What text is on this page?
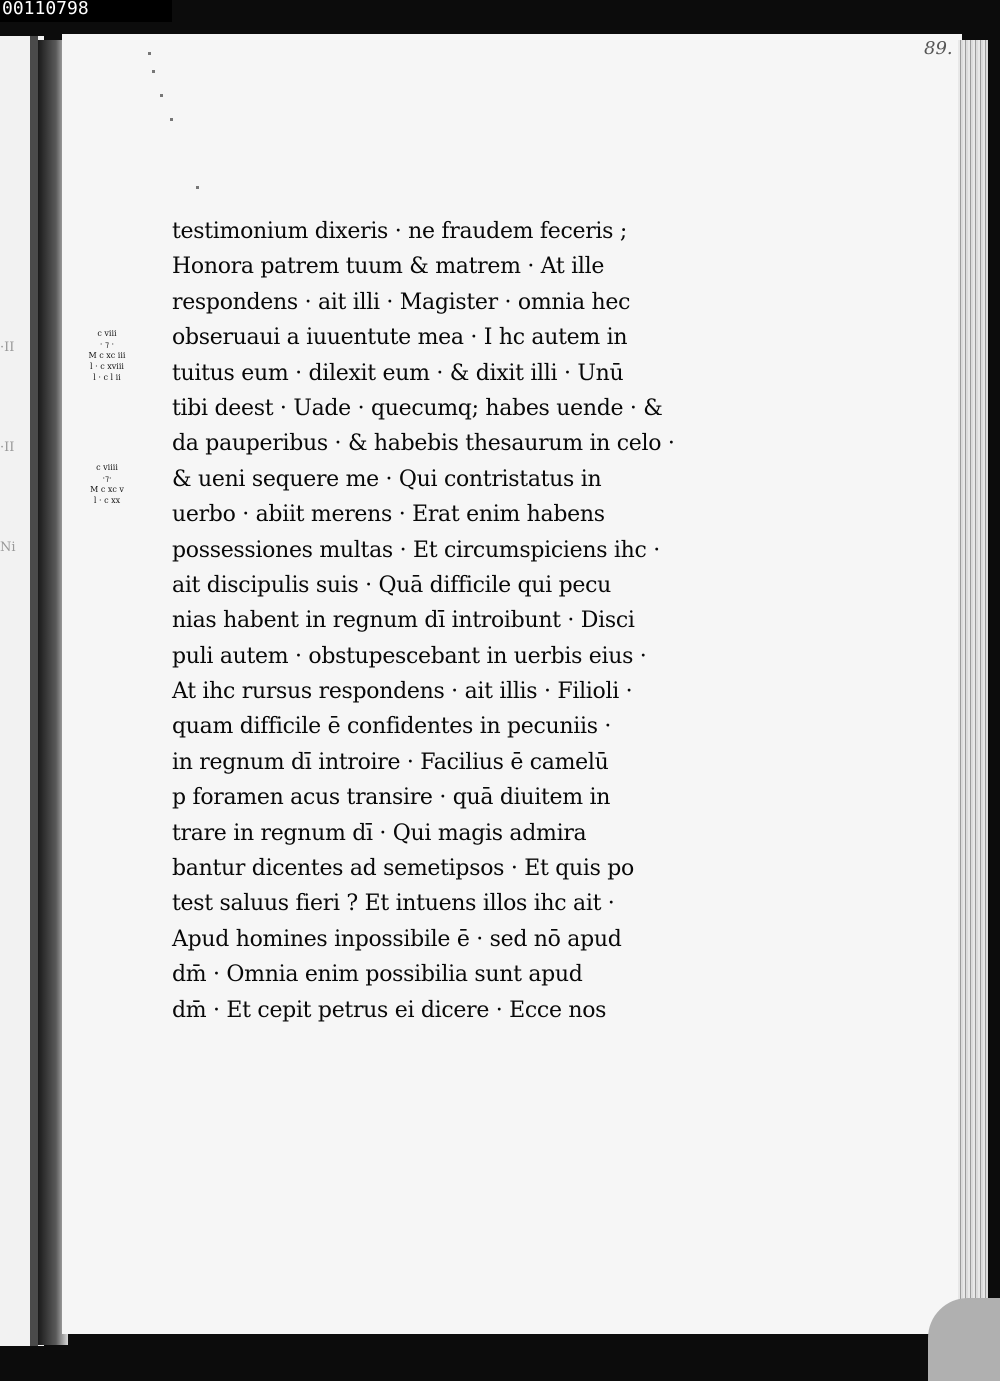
00110798
·II
·II
Ni
89.
c viii
· ⁊ ·
M c xc iii
l · c xviii
l · c l ii
c viiii
·⁊·
M c xc v
l · c xx
testimonium dixeris · ne fraudem feceris ;
Honora patrem tuum & matrem · At ille
respondens · ait illi · Magister · omnia hec
obseruaui a iuuentute mea · I hc autem in
tuitus eum · dilexit eum · & dixit illi · Unū
tibi deest · Uade · quecumq; habes uende · &
da pauperibus · & habebis thesaurum in celo ·
& ueni sequere me · Qui contristatus in
uerbo · abiit merens · Erat enim habens
possessiones multas · Et circumspiciens ihc ·
ait discipulis suis · Quā difficile qui pecu
nias habent in regnum dī introibunt · Disci
puli autem · obstupescebant in uerbis eius ·
At ihc rursus respondens · ait illis · Filioli ·
quam difficile ē confidentes in pecuniis ·
in regnum dī introire · Facilius ē camelū
p foramen acus transire · quā diuitem in
trare in regnum dī · Qui magis admira
bantur dicentes ad semetipsos · Et quis po
test saluus fieri ? Et intuens illos ihc ait ·
Apud homines inpossibile ē · sed nō apud
dm̄ · Omnia enim possibilia sunt apud
dm̄ · Et cepit petrus ei dicere · Ecce nos
